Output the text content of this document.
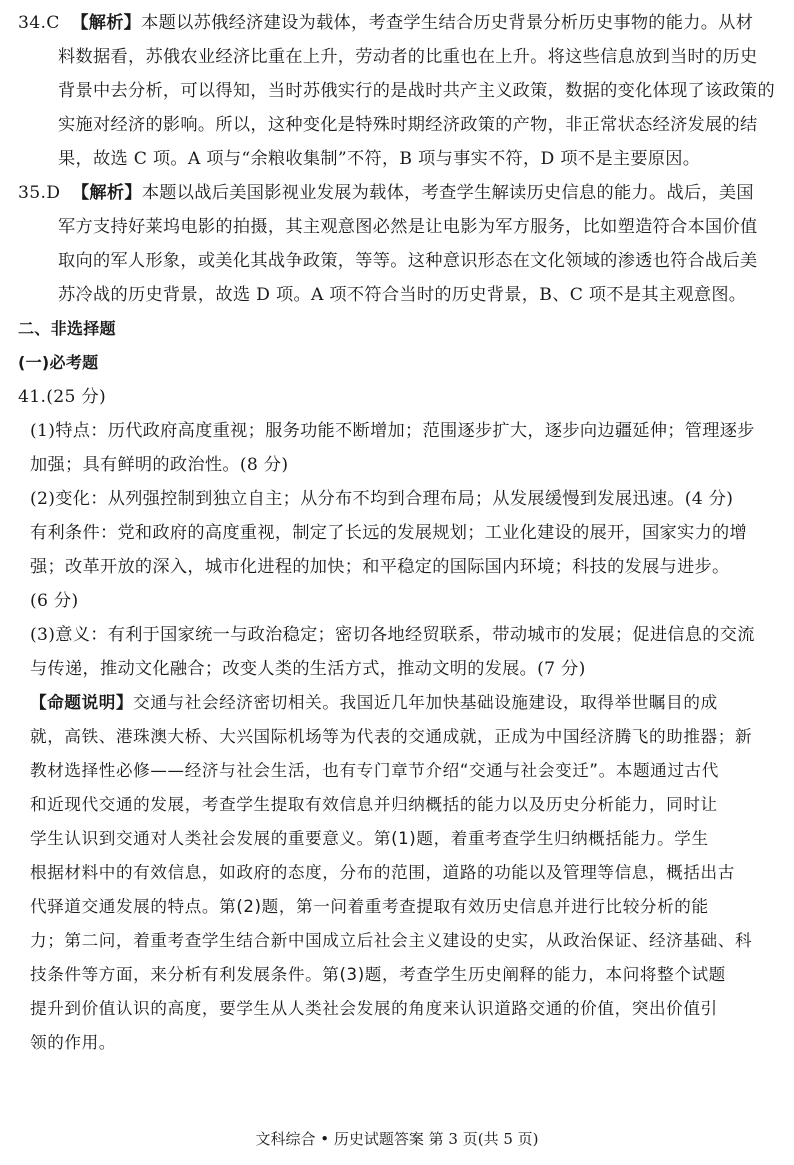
34.C 【解析】本题以苏俄经济建设为载体，考查学生结合历史背景分析历史事物的能力。从材
料数据看，苏俄农业经济比重在上升，劳动者的比重也在上升。将这些信息放到当时的历史
背景中去分析，可以得知，当时苏俄实行的是战时共产主义政策，数据的变化体现了该政策的
实施对经济的影响。所以，这种变化是特殊时期经济政策的产物，非正常状态经济发展的结
果，故选 C 项。A 项与“余粮收集制”不符，B 项与事实不符，D 项不是主要原因。
35.D 【解析】本题以战后美国影视业发展为载体，考查学生解读历史信息的能力。战后，美国
军方支持好莱坞电影的拍摄，其主观意图必然是让电影为军方服务，比如塑造符合本国价值
取向的军人形象，或美化其战争政策，等等。这种意识形态在文化领域的渗透也符合战后美
苏冷战的历史背景，故选 D 项。A 项不符合当时的历史背景，B、C 项不是其主观意图。
二、非选择题
(一)必考题
41.(25 分)
(1)特点：历代政府高度重视；服务功能不断增加；范围逐步扩大，逐步向边疆延伸；管理逐步
加强；具有鲜明的政治性。(8 分)
(2)变化：从列强控制到独立自主；从分布不均到合理布局；从发展缓慢到发展迅速。(4 分)
有利条件：党和政府的高度重视，制定了长远的发展规划；工业化建设的展开，国家实力的增
强；改革开放的深入，城市化进程的加快；和平稳定的国际国内环境；科技的发展与进步。
(6 分)
(3)意义：有利于国家统一与政治稳定；密切各地经贸联系，带动城市的发展；促进信息的交流
与传递，推动文化融合；改变人类的生活方式，推动文明的发展。(7 分)
【命题说明】交通与社会经济密切相关。我国近几年加快基础设施建设，取得举世瞩目的成
就，高铁、港珠澳大桥、大兴国际机场等为代表的交通成就，正成为中国经济腾飞的助推器；新
教材选择性必修——经济与社会生活，也有专门章节介绍“交通与社会变迁”。本题通过古代
和近现代交通的发展，考查学生提取有效信息并归纳概括的能力以及历史分析能力，同时让
学生认识到交通对人类社会发展的重要意义。第(1)题，着重考查学生归纳概括能力。学生
根据材料中的有效信息，如政府的态度，分布的范围，道路的功能以及管理等信息，概括出古
代驿道交通发展的特点。第(2)题，第一问着重考查提取有效历史信息并进行比较分析的能
力；第二问，着重考查学生结合新中国成立后社会主义建设的史实，从政治保证、经济基础、科
技条件等方面，来分析有利发展条件。第(3)题，考查学生历史阐释的能力，本问将整个试题
提升到价值认识的高度，要学生从人类社会发展的角度来认识道路交通的价值，突出价值引
领的作用。
文科综合 • 历史试题答案 第 3 页(共 5 页)
